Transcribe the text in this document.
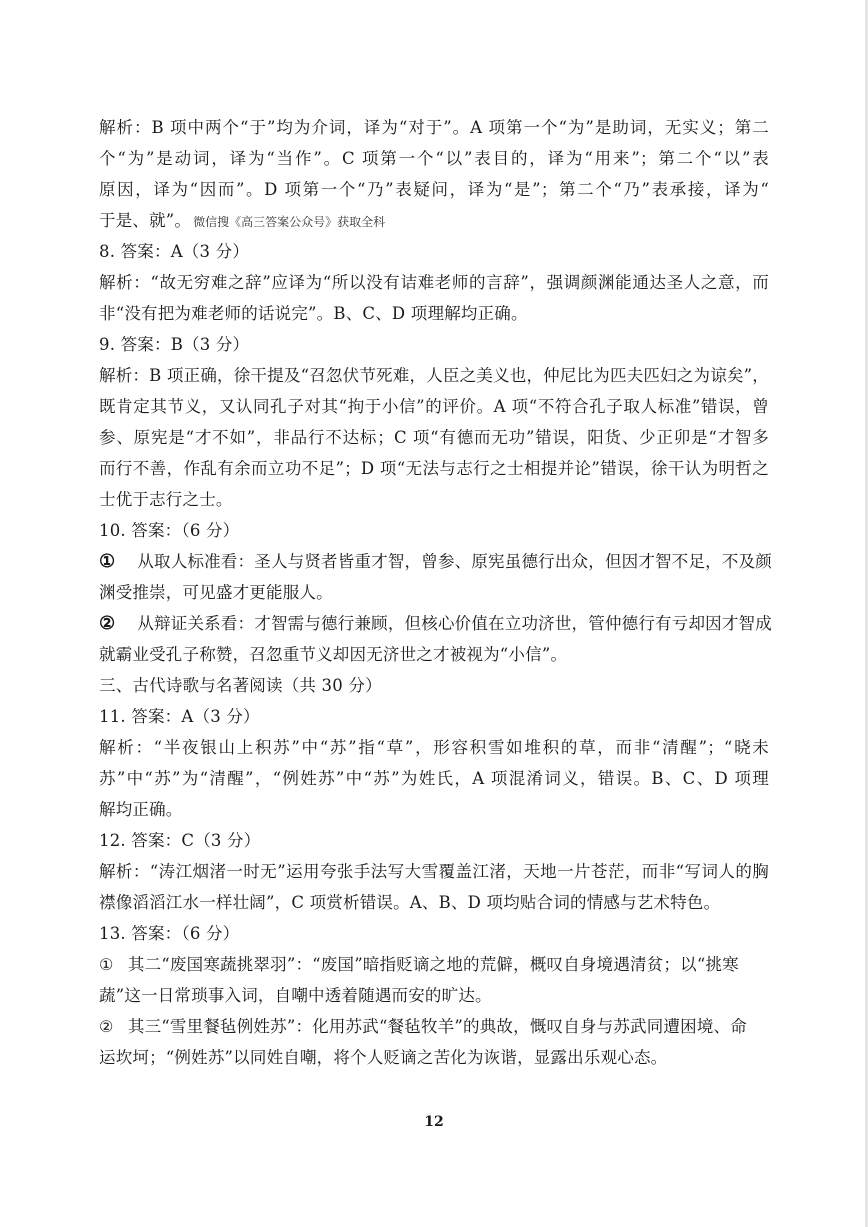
解析：B 项中两个“于”均为介词，译为“对于”。A 项第一个“为”是助词，无实义；第二
个“为”是动词，译为“当作”。C 项第一个“以”表目的，译为“用来”；第二个“以”表
原因，译为“因而”。D 项第一个“乃”表疑问，译为“是”；第二个“乃”表承接，译为“
于是、就”。 微信搜《高三答案公众号》获取全科
8. 答案：A（3 分）
解析：“故无穷难之辞”应译为“所以没有诘难老师的言辞”，强调颜渊能通达圣人之意，而
非“没有把为难老师的话说完”。B、C、D 项理解均正确。
9. 答案：B（3 分）
解析：B 项正确，徐干提及“召忽伏节死难，人臣之美义也，仲尼比为匹夫匹妇之为谅矣”，
既肯定其节义，又认同孔子对其“拘于小信”的评价。A 项“不符合孔子取人标准”错误，曾
参、原宪是“才不如”，非品行不达标；C 项“有德而无功”错误，阳货、少正卯是“才智多
而行不善，作乱有余而立功不足”；D 项“无法与志行之士相提并论”错误，徐干认为明哲之
士优于志行之士。
10. 答案：（6 分）
① 从取人标准看：圣人与贤者皆重才智，曾参、原宪虽德行出众，但因才智不足，不及颜
渊受推崇，可见盛才更能服人。
② 从辩证关系看：才智需与德行兼顾，但核心价值在立功济世，管仲德行有亏却因才智成
就霸业受孔子称赞，召忽重节义却因无济世之才被视为“小信”。
三、古代诗歌与名著阅读（共 30 分）
11. 答案：A（3 分）
解析：“半夜银山上积苏”中“苏”指“草”，形容积雪如堆积的草，而非“清醒”；“晓未
苏”中“苏”为“清醒”，“例姓苏”中“苏”为姓氏，A 项混淆词义，错误。B、C、D 项理
解均正确。
12. 答案：C（3 分）
解析：“涛江烟渚一时无”运用夸张手法写大雪覆盖江渚，天地一片苍茫，而非“写词人的胸
襟像滔滔江水一样壮阔”，C 项赏析错误。A、B、D 项均贴合词的情感与艺术特色。
13. 答案：（6 分）
① 其二“废国寒蔬挑翠羽”：“废国”暗指贬谪之地的荒僻，概叹自身境遇清贫；以“挑寒
蔬”这一日常琐事入词，自嘲中透着随遇而安的旷达。
② 其三“雪里餐毡例姓苏”：化用苏武“餐毡牧羊”的典故，慨叹自身与苏武同遭困境、命
运坎坷；“例姓苏”以同姓自嘲，将个人贬谪之苦化为诙谐，显露出乐观心态。
12
